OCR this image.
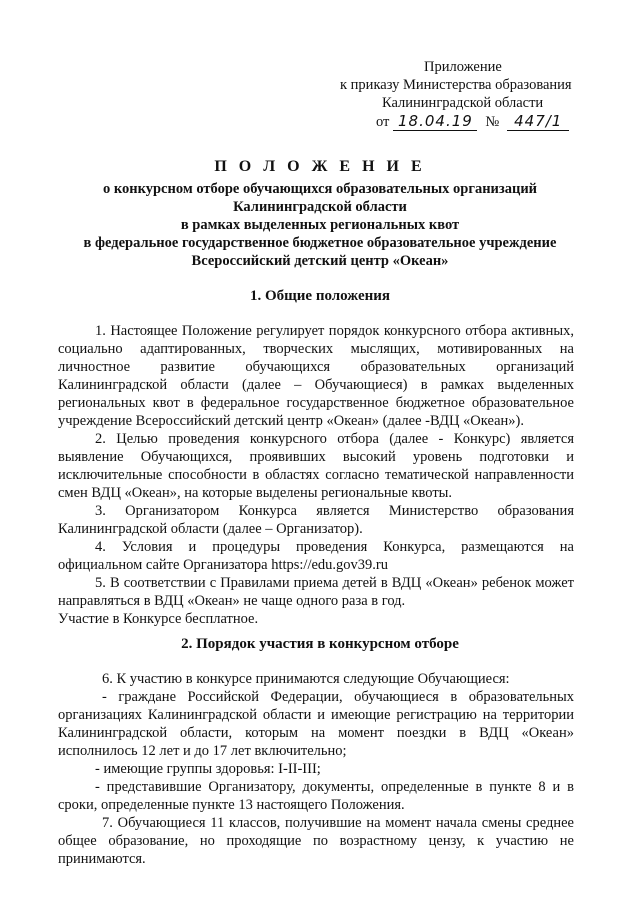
Приложение
к приказу Министерства образования
Калининградской области
от 18.04.19 № 447/1
П О Л О Ж Е Н И Е
о конкурсном отборе обучающихся образовательных организаций
Калининградской области
в рамках выделенных региональных квот
в федеральное государственное бюджетное образовательное учреждение
Всероссийский детский центр «Океан»
1. Общие положения

1. Настоящее Положение регулирует порядок конкурсного отбора активных, социально адаптированных, творческих мыслящих, мотивированных на личностное развитие обучающихся образовательных организаций Калининградской области (далее – Обучающиеся) в рамках выделенных региональных квот в федеральное государственное бюджетное образовательное учреждение Всероссийский детский центр «Океан» (далее -ВДЦ «Океан»).

2. Целью проведения конкурсного отбора (далее - Конкурс) является выявление Обучающихся, проявивших высокий уровень подготовки и исключительные способности в областях согласно тематической направленности смен ВДЦ «Океан», на которые выделены региональные квоты.

3. Организатором Конкурса является Министерство образования Калининградской области (далее – Организатор).

4. Условия и процедуры проведения Конкурса, размещаются на официальном сайте Организатора https://edu.gov39.ru

5. В соответствии с Правилами приема детей в ВДЦ «Океан» ребенок может направляться в ВДЦ «Океан» не чаще одного раза в год.

Участие в Конкурсе бесплатное.

2. Порядок участия в конкурсном отборе

6. К участию в конкурсе принимаются следующие Обучающиеся:

- граждане Российской Федерации, обучающиеся в образовательных организациях Калининградской области и имеющие регистрацию на территории Калининградской области, которым на момент поездки в ВДЦ «Океан» исполнилось 12 лет и до 17 лет включительно;

- имеющие группы здоровья: I-II-III;

- представившие Организатору, документы, определенные в пункте 8 и в сроки, определенные пункте 13 настоящего Положения.

7. Обучающиеся 11 классов, получившие на момент начала смены среднее общее образование, но проходящие по возрастному цензу, к участию не принимаются.
